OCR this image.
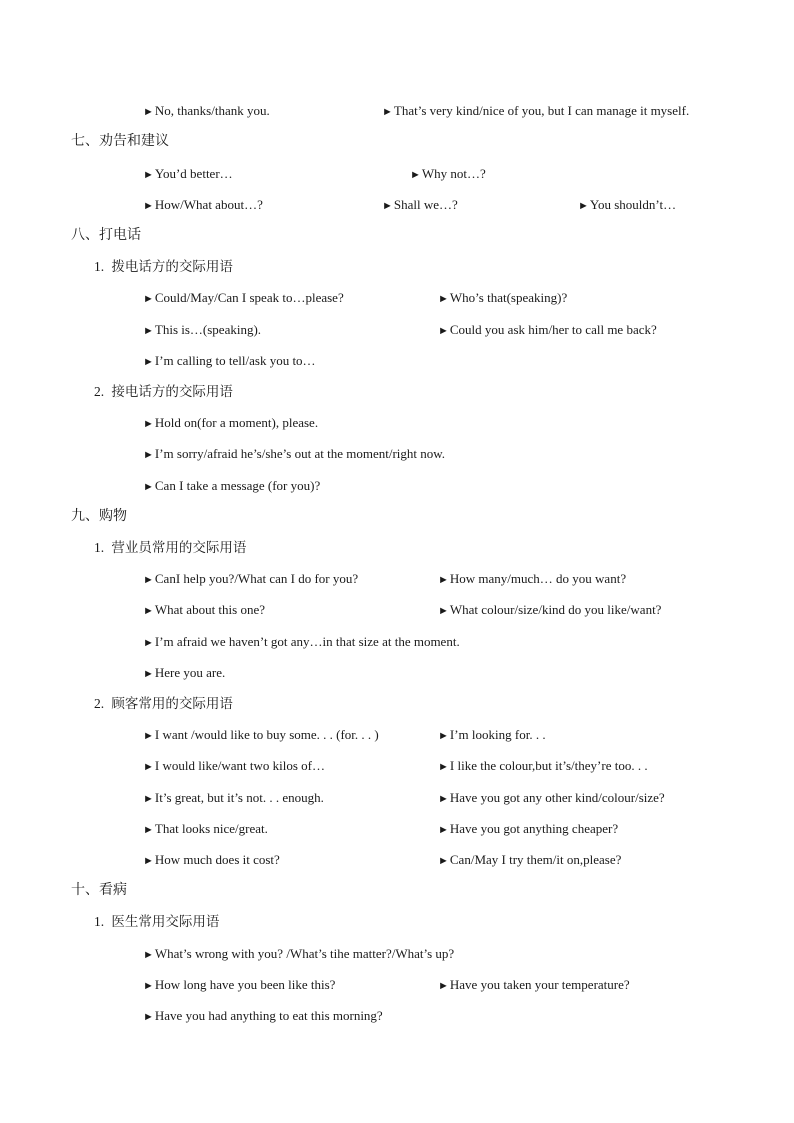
►No, thanks/thank you.	►That’s very kind/nice of you, but I can manage it myself.
七、劝告和建议
►You’d better…	►Why not…?
►How/What about…?	►Shall we…?	►You shouldn’t…
八、打电话
1. 拨电话方的交际用语
►Could/May/Can I speak to…please?	►Who’s that(speaking)?
►This is…(speaking).	►Could you ask him/her to call me back?
►I’m calling to tell/ask you to…
2. 接电话方的交际用语
►Hold on(for a moment), please.
►I’m sorry/afraid he’s/she’s out at the moment/right now.
►Can I take a message (for you)?
九、购物
1. 营业员常用的交际用语
►CanI help you?/What can I do for you?	►How many/much… do you want?
►What about this one?	►What colour/size/kind do you like/want?
►I’m afraid we haven’t got any…in that size at the moment.
►Here you are.
2. 顾客常用的交际用语
►I want /would like to buy some. . . (for. . . )	►I’m looking for. . .
►I would like/want two kilos of…	►I like the colour,but it’s/they’re too. . .
►It’s great, but it’s not. . . enough.	►Have you got any other kind/colour/size?
►That looks nice/great.	►Have you got anything cheaper?
►How much does it cost?	►Can/May I try them/it on,please?
十、看病
1. 医生常用交际用语
►What’s wrong with you? /What’s tihe matter?/What’s up?
►How long have you been like this?	►Have you taken your temperature?
►Have you had anything to eat this morning?
